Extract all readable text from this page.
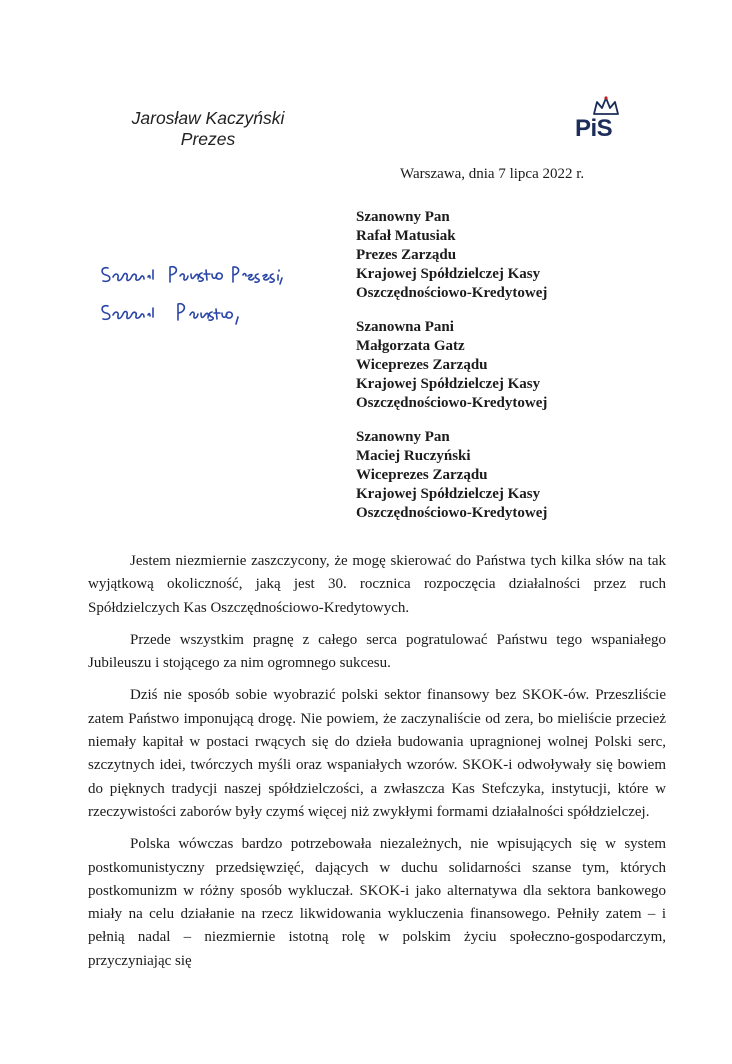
Jarosław Kaczyński
Prezes	PiS
Warszawa, dnia 7 lipca 2022 r.
Szanowny Pan
Rafał Matusiak
Prezes Zarządu
Krajowej Spółdzielczej Kasy
Oszczędnościowo-Kredytowej
Szanowna Pani
Małgorzata Gatz
Wiceprezes Zarządu
Krajowej Spółdzielczej Kasy
Oszczędnościowo-Kredytowej
Szanowny Pan
Maciej Ruczyński
Wiceprezes Zarządu
Krajowej Spółdzielczej Kasy
Oszczędnościowo-Kredytowej

Jestem niezmiernie zaszczycony, że mogę skierować do Państwa tych kilka słów na tak wyjątkową okoliczność, jaką jest 30. rocznica rozpoczęcia działalności przez ruch Spółdzielczych Kas Oszczędnościowo-Kredytowych.

Przede wszystkim pragnę z całego serca pogratulować Państwu tego wspaniałego Jubileuszu i stojącego za nim ogromnego sukcesu.

Dziś nie sposób sobie wyobrazić polski sektor finansowy bez SKOK-ów. Przeszliście zatem Państwo imponującą drogę. Nie powiem, że zaczynaliście od zera, bo mieliście przecież niemały kapitał w postaci rwących się do dzieła budowania upragnionej wolnej Polski serc, szczytnych idei, twórczych myśli oraz wspaniałych wzorów. SKOK-i odwoływały się bowiem do pięknych tradycji naszej spółdzielczości, a zwłaszcza Kas Stefczyka, instytucji, które w rzeczywistości zaborów były czymś więcej niż zwykłymi formami działalności spółdzielczej.

Polska wówczas bardzo potrzebowała niezależnych, nie wpisujących się w system postkomunistyczny przedsięwzięć, dających w duchu solidarności szanse tym, których postkomunizm w różny sposób wykluczał. SKOK-i jako alternatywa dla sektora bankowego miały na celu działanie na rzecz likwidowania wykluczenia finansowego. Pełniły zatem – i pełnią nadal – niezmiernie istotną rolę w polskim życiu społeczno-gospodarczym, przyczyniając się
